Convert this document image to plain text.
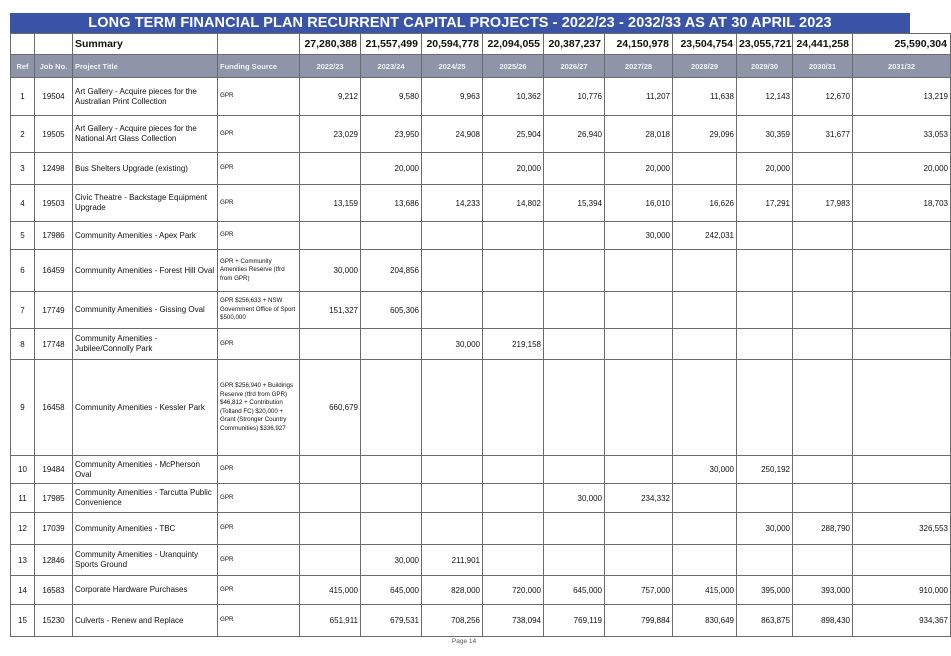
LONG TERM FINANCIAL PLAN RECURRENT CAPITAL PROJECTS - 2022/23 - 2032/33 AS AT 30 APRIL 2023
		Summary		27,280,388	21,557,499	20,594,778	22,094,055	20,387,237	24,150,978	23,504,754	23,055,721	24,441,258	25,590,304
Ref	Job No.	Project Title	Funding Source	2022/23	2023/24	2024/25	2025/26	2026/27	2027/28	2028/29	2029/30	2030/31	2031/32
1	19504	Art Gallery - Acquire pieces for the Australian Print Collection	GPR	9,212	9,580	9,963	10,362	10,776	11,207	11,638	12,143	12,670	13,219
2	19505	Art Gallery - Acquire pieces for the National Art Glass Collection	GPR	23,029	23,950	24,908	25,904	26,940	28,018	29,096	30,359	31,677	33,053
3	12498	Bus Shelters Upgrade (existing)	GPR		20,000		20,000		20,000		20,000		20,000
4	19503	Civic Theatre - Backstage Equipment Upgrade	GPR	13,159	13,686	14,233	14,802	15,394	16,010	16,626	17,291	17,983	18,703
5	17986	Community Amenities - Apex Park	GPR						30,000	242,031			
6	16459	Community Amenities - Forest Hill Oval	GPR + Community Amenities Reserve (tfrd from GPR)	30,000	204,856								
7	17749	Community Amenities - Gissing Oval	GPR $256,633 + NSW Government Office of Sport $500,000	151,327	605,306								
8	17748	Community Amenities - Jubilee/Connolly Park	GPR			30,000	219,158						
9	16458	Community Amenities - Kessler Park	GPR $256,940 + Buildings Reserve (tfrd from GPR) $46,812 + Contribution (Tolland FC) $20,000 + Grant (Stronger Country Communities) $336,927	660,679									
10	19484	Community Amenities - McPherson Oval	GPR							30,000	250,192		
11	17985	Community Amenities - Tarcutta Public Convenience	GPR					30,000	234,332				
12	17039	Community Amenities - TBC	GPR								30,000	288,790	326,553
13	12846	Community Amenities - Uranquinty Sports Ground	GPR		30,000	211,901							
14	16583	Corporate Hardware Purchases	GPR	415,000	645,000	828,000	720,000	645,000	757,000	415,000	395,000	393,000	910,000
15	15230	Culverts - Renew and Replace	GPR	651,911	679,531	708,256	738,094	769,119	799,884	830,649	863,875	898,430	934,367
Page 14
